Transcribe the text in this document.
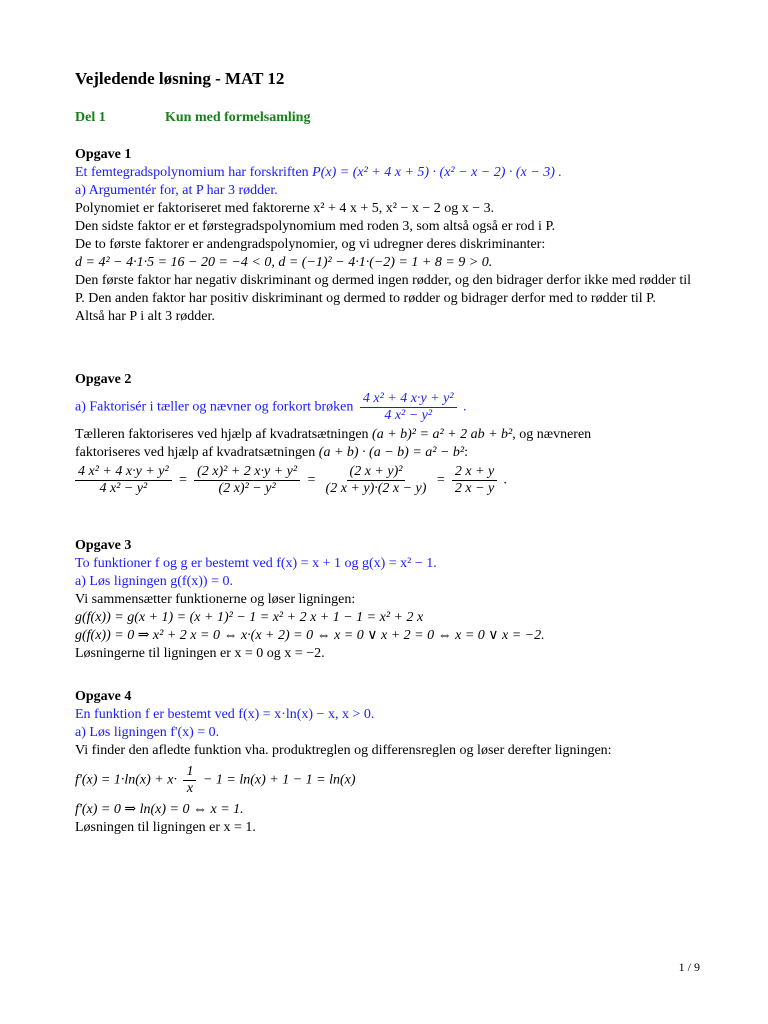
Vejledende løsning - MAT 12
Del 1	Kun med formelsamling
Opgave 1
Et femtegradspolynomium har forskriften P(x) = (x² + 4 x + 5) · (x² − x − 2) · (x − 3) .
a) Argumentér for, at P har 3 rødder.
Polynomiet er faktoriseret med faktorerne x² + 4 x + 5, x² − x − 2 og x − 3.
Den sidste faktor er et førstegradspolynomium med roden 3, som altså også er rod i P.
De to første faktorer er andengradspolynomier, og vi udregner deres diskriminanter:
d = 4² − 4·1·5 = 16 − 20 = −4 < 0, d = (−1)² − 4·1·(−2) = 1 + 8 = 9 > 0.
Den første faktor har negativ diskriminant og dermed ingen rødder, og den bidrager derfor ikke med rødder til P. Den anden faktor har positiv diskriminant og dermed to rødder og bidrager derfor med to rødder til P.
Altså har P i alt 3 rødder.
Opgave 2
a) Faktorisér i tæller og nævner og forkort brøken $\frac{\text{4 x² + 4 x·y + y²}}{\text{4 x² − y²}}$ .
Tælleren faktoriseres ved hjælp af kvadratsætningen (a + b)² = a² + 2 ab + b², og nævneren
faktoriseres ved hjælp af kvadratsætningen (a + b) · (a − b) = a² − b²:
$\frac{\text{4 x² + 4 x·y + y²}}{\text{4 x² − y²}} = \frac{\text{(2 x)² + 2 x·y + y²}}{\text{(2 x)² − y²}} = \frac{\text{(2 x + y)²}}{(2 x + y)\cdot(2 x - y)} = \frac{2 x + y}{2 x - y}$ .
Opgave 3
To funktioner f og g er bestemt ved f(x) = x + 1 og g(x) = x² − 1.
a) Løs ligningen g(f(x)) = 0.
Vi sammensætter funktionerne og løser ligningen:
g(f(x)) = g(x + 1) = (x + 1)² − 1 = x² + 2 x + 1 − 1 = x² + 2 x
g(f(x)) = 0 ⇒ x² + 2 x = 0 ⇔ x·(x + 2) = 0 ⇔ x = 0 ∨ x + 2 = 0 ⇔ x = 0 ∨ x = −2.
Løsningerne til ligningen er x = 0 og x = −2.
Opgave 4
En funktion f er bestemt ved f(x) = x·ln(x) − x, x > 0.
a) Løs ligningen f'(x) = 0.
Vi finder den afledte funktion vha. produktreglen og differensreglen og løser derefter ligningen:
$f'(x) = 1\cdot\ln(x) + x\cdot \frac{1}{x} - 1 = \ln(x) + 1 - 1 = \ln(x)$
f'(x) = 0 ⇒ ln(x) = 0 ⇔ x = 1.
Løsningen til ligningen er x = 1.
1 / 9
